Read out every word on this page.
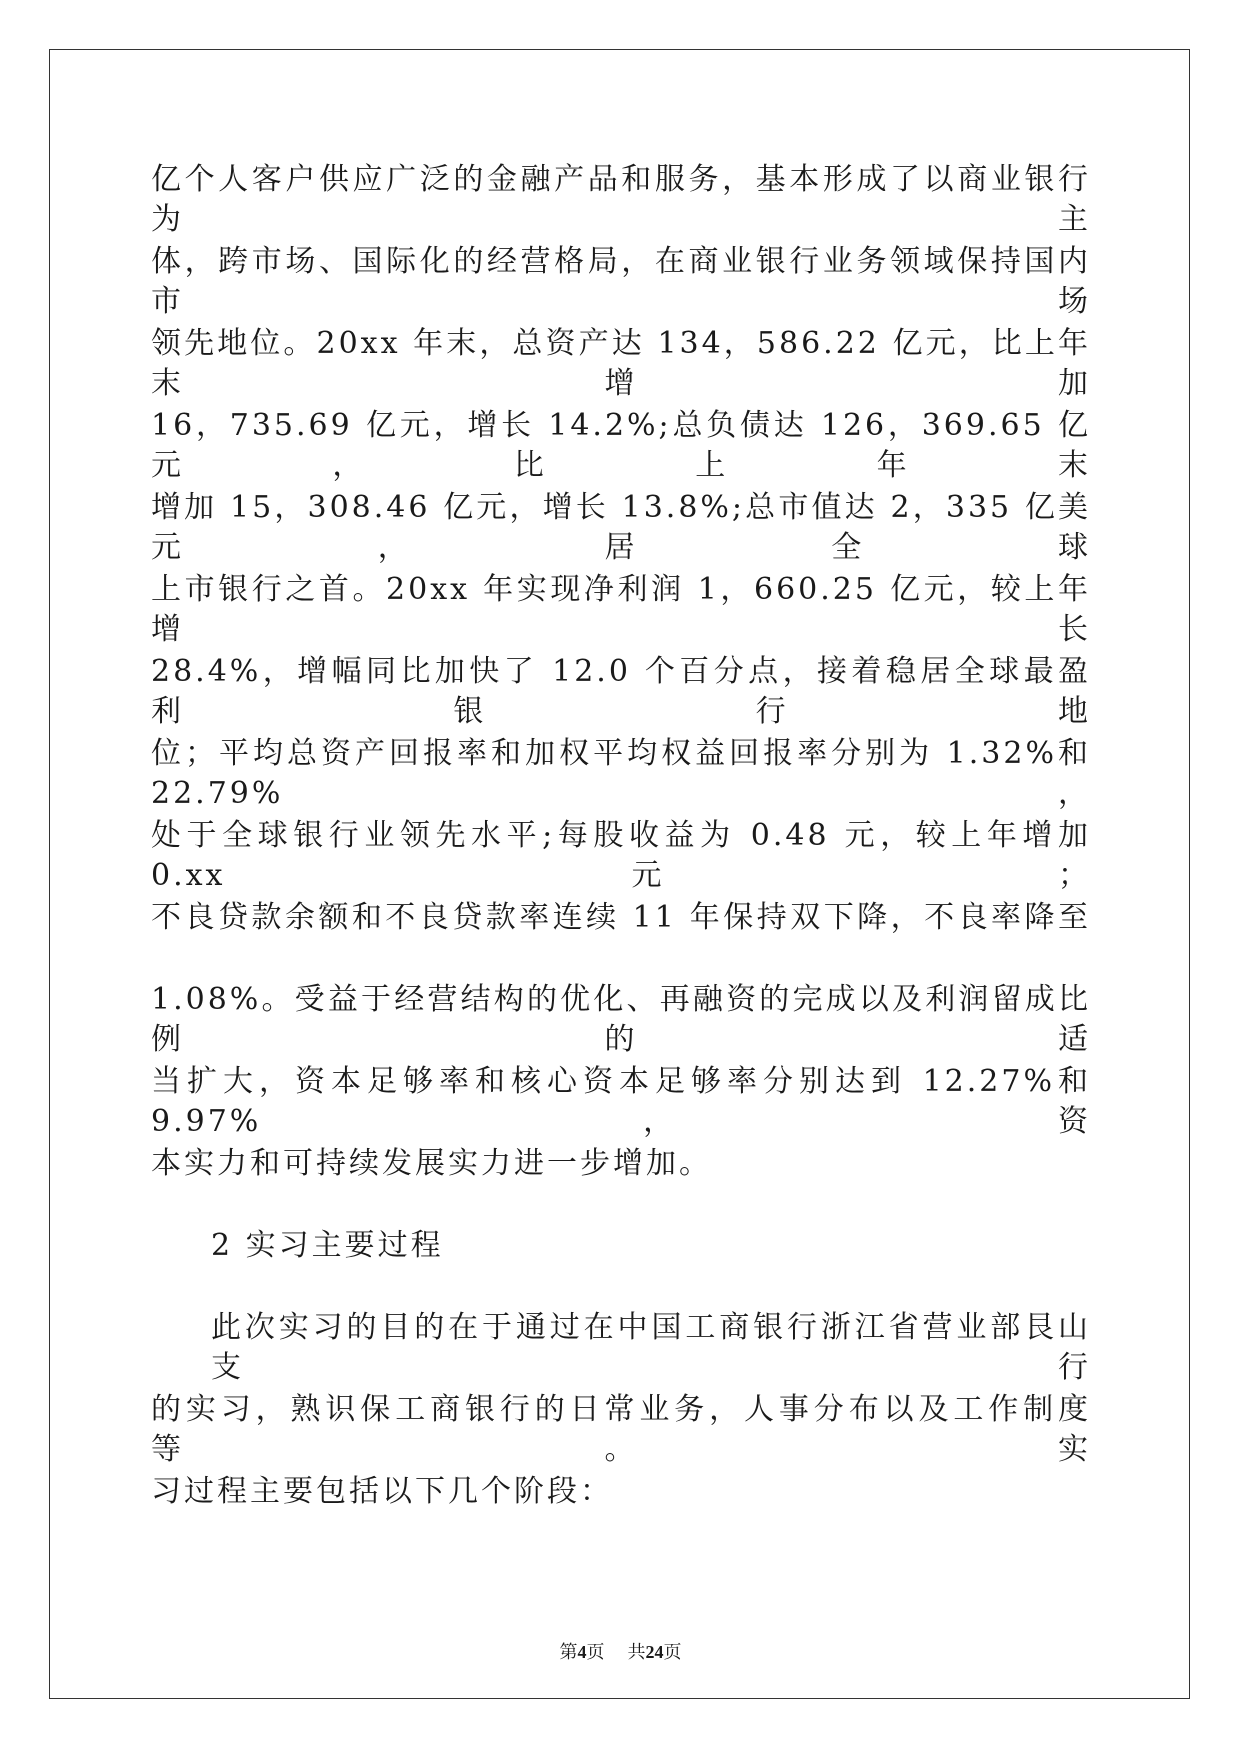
亿个人客户供应广泛的金融产品和服务，基本形成了以商业银行为主
体，跨市场、国际化的经营格局，在商业银行业务领域保持国内市场
领先地位。20xx 年末，总资产达 134，586.22 亿元，比上年末增加
16，735.69 亿元，增长 14.2%;总负债达 126，369.65 亿元，比上年末
增加 15，308.46 亿元，增长 13.8%;总市值达 2，335 亿美元，居全球
上市银行之首。20xx 年实现净利润 1，660.25 亿元，较上年增长
28.4%，增幅同比加快了 12.0 个百分点，接着稳居全球最盈利银行地
位；平均总资产回报率和加权平均权益回报率分别为 1.32%和 22.79%，
处于全球银行业领先水平;每股收益为 0.48 元，较上年增加 0.xx 元；
不良贷款余额和不良贷款率连续 11 年保持双下降，不良率降至
1.08%。受益于经营结构的优化、再融资的完成以及利润留成比例的适
当扩大，资本足够率和核心资本足够率分别达到 12.27%和 9.97%，资
本实力和可持续发展实力进一步增加。
2 实习主要过程
此次实习的目的在于通过在中国工商银行浙江省营业部艮山支行
的实习，熟识保工商银行的日常业务，人事分布以及工作制度等。实
习过程主要包括以下几个阶段：
第4页 共24页
